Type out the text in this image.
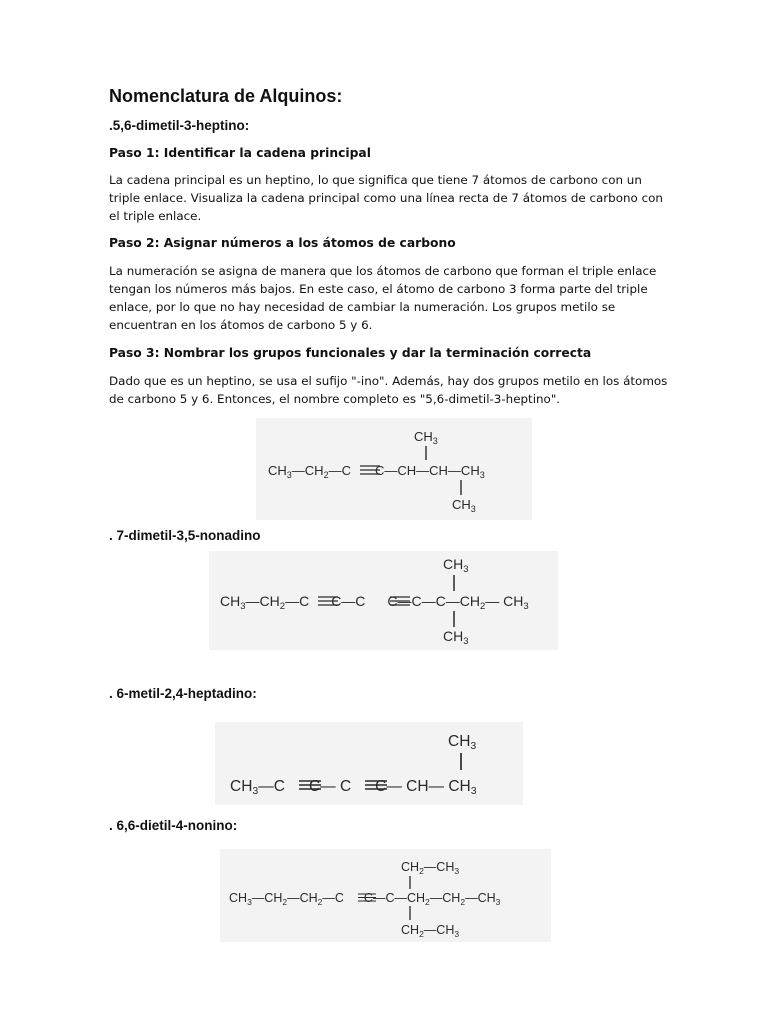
Nomenclatura de Alquinos:

.5,6-dimetil-3-heptino:

Paso 1: Identificar la cadena principal

La cadena principal es un heptino, lo que significa que tiene 7 átomos de carbono con un triple enlace. Visualiza la cadena principal como una línea recta de 7 átomos de carbono con el triple enlace.

Paso 2: Asignar números a los átomos de carbono

La numeración se asigna de manera que los átomos de carbono que forman el triple enlace tengan los números más bajos. En este caso, el átomo de carbono 3 forma parte del triple enlace, por lo que no hay necesidad de cambiar la numeración. Los grupos metilo se encuentran en los átomos de carbono 5 y 6.

Paso 3: Nombrar los grupos funcionales y dar la terminación correcta

Dado que es un heptino, se usa el sufijo "-ino". Además, hay dos grupos metilo en los átomos de carbono 5 y 6. Entonces, el nombre completo es "5,6-dimetil-3-heptino".

$CH_3$
$CH_3—CH_2—C$ $C—CH—CH—CH_3$
$CH_3$

. 7-dimetil-3,5-nonadino

$CH_3$
$CH_3—CH_2—C$ C—C $C—C—C—CH_2—$ $CH_3$
$CH_3$

. 6-metil-2,4-heptadino:

CH3
CH3—C C— C C— CH— CH3

. 6,6-dietil-4-nonino:

$CH_2—CH_3$
$CH_3—CH_2—CH_2—C$ $C—C—CH_2—CH_2—CH_3$
$CH_2—CH_3$
